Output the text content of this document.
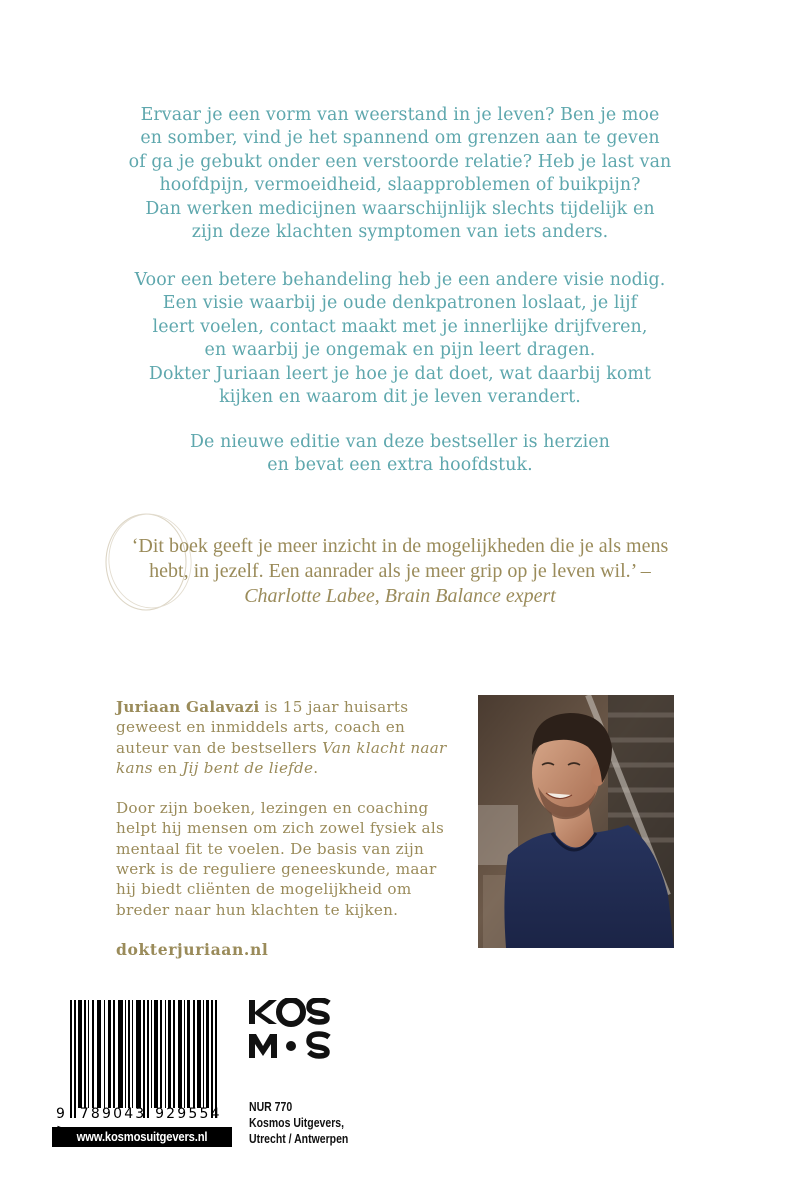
Ervaar je een vorm van weerstand in je leven? Ben je moe

en somber, vind je het spannend om grenzen aan te geven

of ga je gebukt onder een verstoorde relatie? Heb je last van

hoofdpijn, vermoeidheid, slaapproblemen of buikpijn?

Dan werken medicijnen waarschijnlijk slechts tijdelijk en

zijn deze klachten symptomen van iets anders.

Voor een betere behandeling heb je een andere visie nodig.

Een visie waarbij je oude denkpatronen loslaat, je lijf

leert voelen, contact maakt met je innerlijke drijfveren,

en waarbij je ongemak en pijn leert dragen.

Dokter Juriaan leert je hoe je dat doet, wat daarbij komt

kijken en waarom dit je leven verandert.

De nieuwe editie van deze bestseller is herzien

en bevat een extra hoofdstuk.

‘Dit boek geeft je meer inzicht in de mogelijkheden die je als mens
hebt, in jezelf. Een aanrader als je meer grip op je leven wil.’ –
Charlotte Labee, Brain Balance expert

Juriaan Galavazi is 15 jaar huisarts geweest en inmiddels arts, coach en auteur van de bestsellers Van klacht naar kans en Jij bent de liefde.

Door zijn boeken, lezingen en coaching helpt hij mensen om zich zowel fysiek als mentaal fit te voelen. De basis van zijn werk is de reguliere geneeskunde, maar hij biedt cliënten de mogelijkheid om breder naar hun klachten te kijken.

dokterjuriaan.nl

9 789043 929554
www.kosmosuitgevers.nl
NUR 770
Kosmos Uitgevers,
Utrecht / Antwerpen
